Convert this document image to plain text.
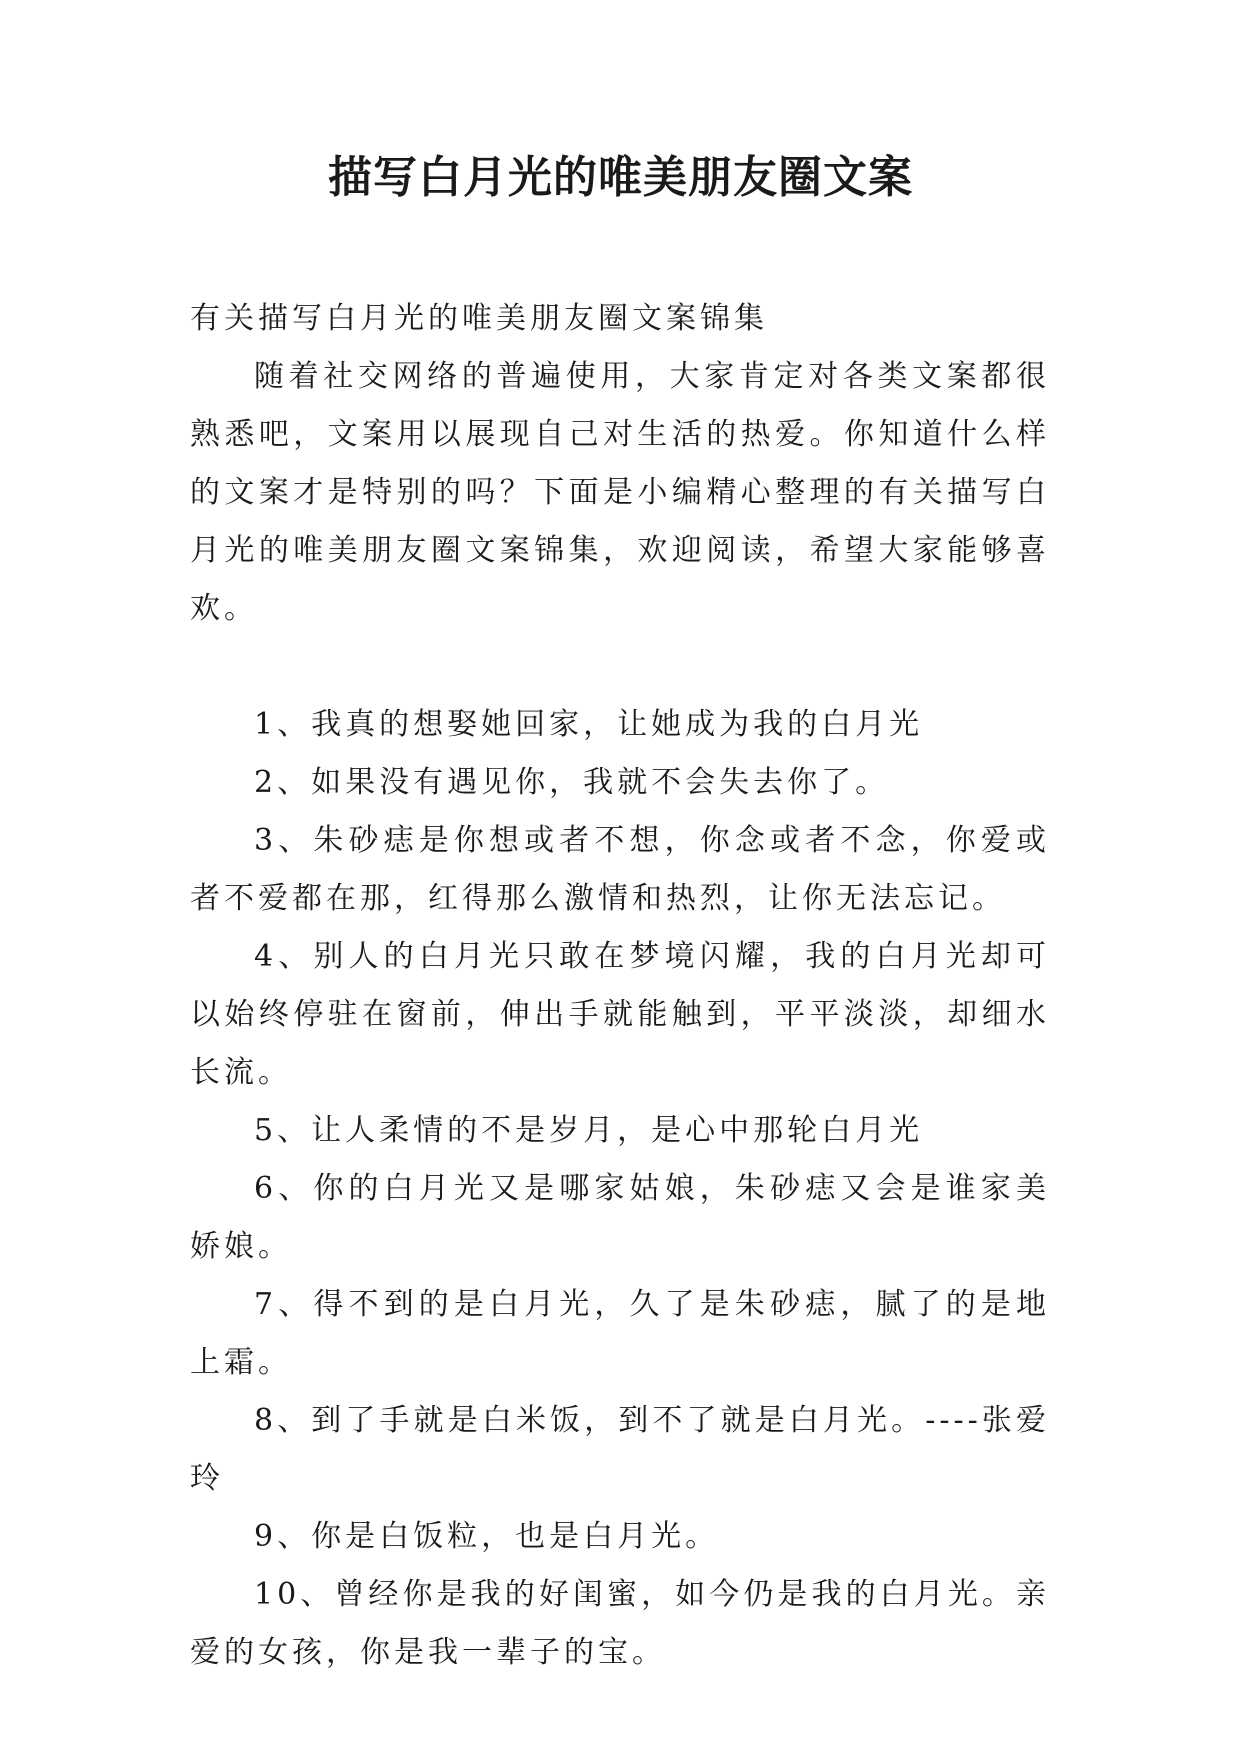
描写白月光的唯美朋友圈文案

有关描写白月光的唯美朋友圈文案锦集

随着社交网络的普遍使用，大家肯定对各类文案都很熟悉吧，文案用以展现自己对生活的热爱。你知道什么样的文案才是特别的吗？下面是小编精心整理的有关描写白月光的唯美朋友圈文案锦集，欢迎阅读，希望大家能够喜欢。

1、我真的想娶她回家，让她成为我的白月光

2、如果没有遇见你，我就不会失去你了。

3、朱砂痣是你想或者不想，你念或者不念，你爱或者不爱都在那，红得那么激情和热烈，让你无法忘记。

4、别人的白月光只敢在梦境闪耀，我的白月光却可以始终停驻在窗前，伸出手就能触到，平平淡淡，却细水长流。

5、让人柔情的不是岁月，是心中那轮白月光

6、你的白月光又是哪家姑娘，朱砂痣又会是谁家美娇娘。

7、得不到的是白月光，久了是朱砂痣，腻了的是地上霜。

8、到了手就是白米饭，到不了就是白月光。----张爱玲

9、你是白饭粒，也是白月光。

10、曾经你是我的好闺蜜，如今仍是我的白月光。亲爱的女孩，你是我一辈子的宝。
